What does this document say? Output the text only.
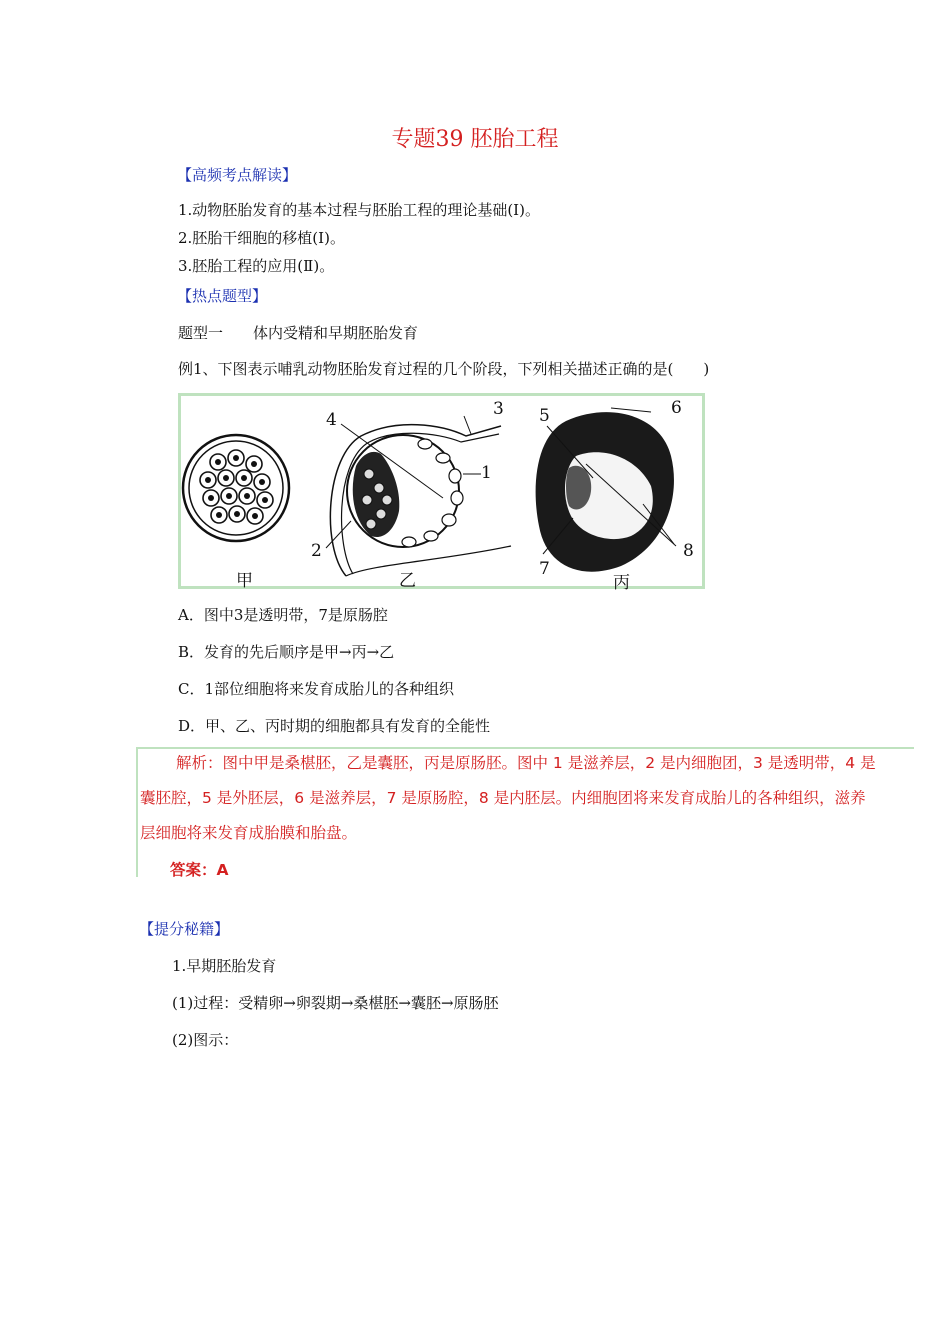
专题39 胚胎工程
【高频考点解读】
1.动物胚胎发育的基本过程与胚胎工程的理论基础(Ⅰ)。
2.胚胎干细胞的移植(Ⅰ)。
3.胚胎工程的应用(Ⅱ)。
【热点题型】
题型一　　体内受精和早期胚胎发育
例1、下图表示哺乳动物胚胎发育过程的几个阶段，下列相关描述正确的是(　　)
4
3
1
2
5	6
7
8
甲	乙	丙
A．图中3是透明带，7是原肠腔
B．发育的先后顺序是甲→丙→乙
C．1部位细胞将来发育成胎儿的各种组织
D．甲、乙、丙时期的细胞都具有发育的全能性
解析：图中甲是桑椹胚，乙是囊胚，丙是原肠胚。图中 1 是滋养层，2 是内细胞团，3 是透明带，4 是
囊胚腔，5 是外胚层，6 是滋养层，7 是原肠腔，8 是内胚层。内细胞团将来发育成胎儿的各种组织，滋养
层细胞将来发育成胎膜和胎盘。
答案：A
【提分秘籍】
1.早期胚胎发育
(1)过程：受精卵→卵裂期→桑椹胚→囊胚→原肠胚
(2)图示：
